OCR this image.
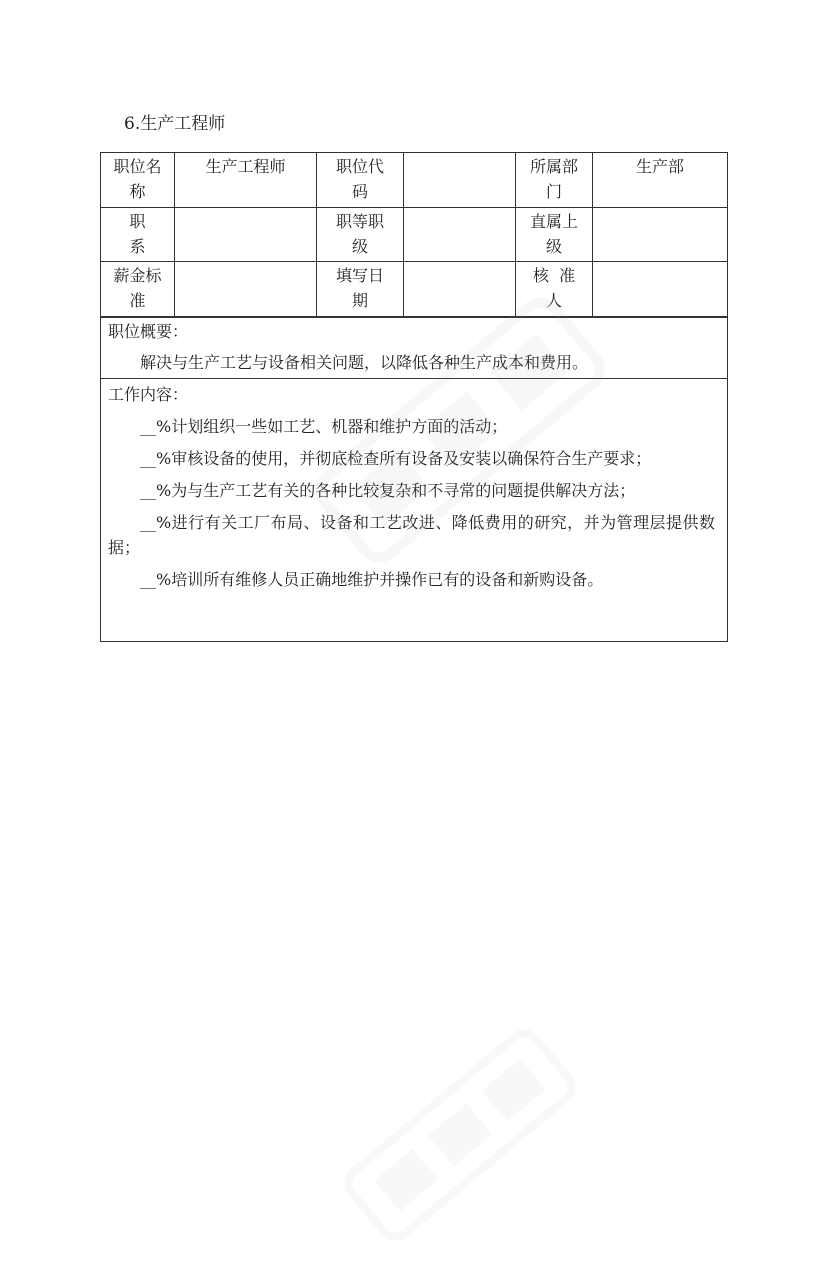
6.生产工程师
职位名
称
生产工程师	职位代
码
所属部
门
生产部
职
系
职等职
级
直属上
级
薪金标
准
填写日
期
核  准
人
职位概要：
解决与生产工艺与设备相关问题，以降低各种生产成本和费用。
工作内容：
__%计划组织一些如工艺、机器和维护方面的活动；
__%审核设备的使用，并彻底检查所有设备及安装以确保符合生产要求；
__%为与生产工艺有关的各种比较复杂和不寻常的问题提供解决方法；
__%进行有关工厂布局、设备和工艺改进、降低费用的研究，并为管理层提供数据；
__%培训所有维修人员正确地维护并操作已有的设备和新购设备。
